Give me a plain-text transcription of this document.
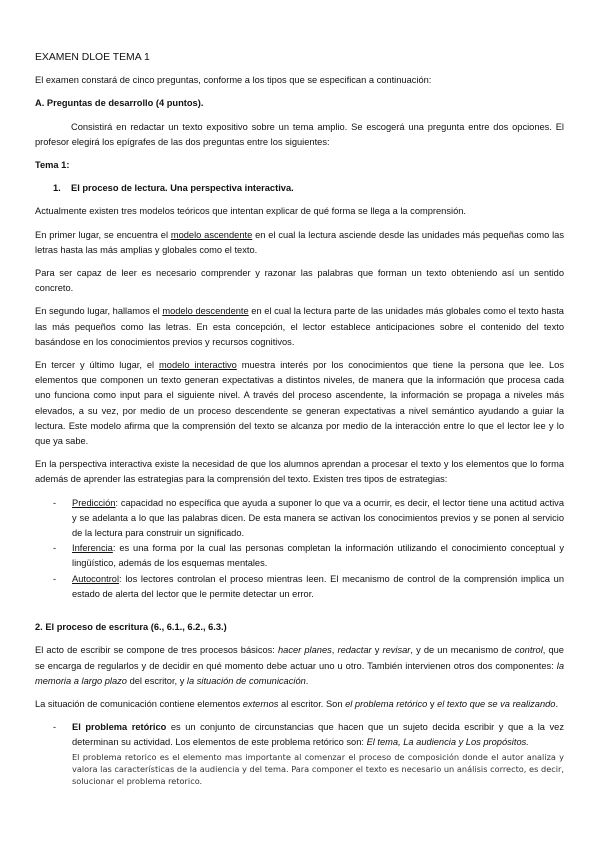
EXAMEN DLOE TEMA 1

El examen constará de cinco preguntas, conforme a los tipos que se especifican a continuación:

A. Preguntas de desarrollo (4 puntos).

Consistirá en redactar un texto expositivo sobre un tema amplio. Se escogerá una pregunta entre dos opciones. El profesor elegirá los epígrafes de las dos preguntas entre los siguientes:

Tema 1:

1. El proceso de lectura. Una perspectiva interactiva.

Actualmente existen tres modelos teóricos que intentan explicar de qué forma se llega a la comprensión.

En primer lugar, se encuentra el modelo ascendente en el cual la lectura asciende desde las unidades más pequeñas como las letras hasta las más amplias y globales como el texto.

Para ser capaz de leer es necesario comprender y razonar las palabras que forman un texto obteniendo así un sentido concreto.

En segundo lugar, hallamos el modelo descendente en el cual la lectura parte de las unidades más globales como el texto hasta las más pequeños como las letras. En esta concepción, el lector establece anticipaciones sobre el contenido del texto basándose en los conocimientos previos y recursos cognitivos.

En tercer y último lugar, el modelo interactivo muestra interés por los conocimientos que tiene la persona que lee. Los elementos que componen un texto generan expectativas a distintos niveles, de manera que la información que procesa cada uno funciona como input para el siguiente nivel. A través del proceso ascendente, la información se propaga a niveles más elevados, a su vez, por medio de un proceso descendente se generan expectativas a nivel semántico ayudando a guiar la lectura. Este modelo afirma que la comprensión del texto se alcanza por medio de la interacción entre lo que el lector lee y lo que ya sabe.

En la perspectiva interactiva existe la necesidad de que los alumnos aprendan a procesar el texto y los elementos que lo forma además de aprender las estrategias para la comprensión del texto. Existen tres tipos de estrategias:

- Predicción: capacidad no específica que ayuda a suponer lo que va a ocurrir, es decir, el lector tiene una actitud activa y se adelanta a lo que las palabras dicen. De esta manera se activan los conocimientos previos y se ponen al servicio de la lectura para construir un significado.
- Inferencia: es una forma por la cual las personas completan la información utilizando el conocimiento conceptual y lingüístico, además de los esquemas mentales.
- Autocontrol: los lectores controlan el proceso mientras leen. El mecanismo de control de la comprensión implica un estado de alerta del lector que le permite detectar un error.

2. El proceso de escritura (6., 6.1., 6.2., 6.3.)

El acto de escribir se compone de tres procesos básicos: hacer planes, redactar y revisar, y de un mecanismo de control, que se encarga de regularlos y de decidir en qué momento debe actuar uno u otro. También intervienen otros dos componentes: la memoria a largo plazo del escritor, y la situación de comunicación.

La situación de comunicación contiene elementos externos al escritor. Son el problema retórico y el texto que se va realizando.

- El problema retórico es un conjunto de circunstancias que hacen que un sujeto decida escribir y que a la vez determinan su actividad. Los elementos de este problema retórico son: El tema, La audiencia y Los propósitos.
El problema retorico es el elemento mas importante al comenzar el proceso de composición donde el autor analiza y valora las características de la audiencia y del tema. Para componer el texto es necesario un análisis correcto, es decir, solucionar el problema retorico.
